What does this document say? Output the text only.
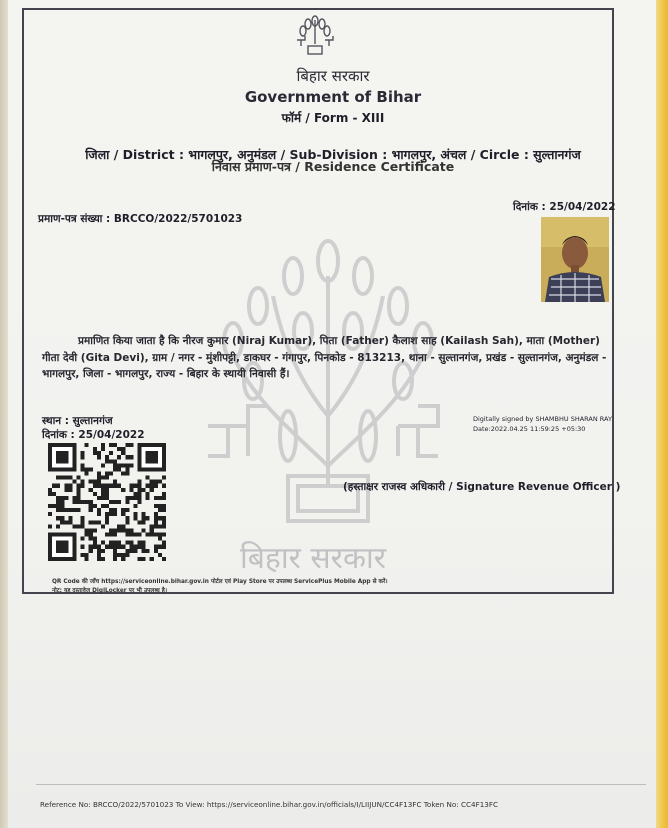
बिहार सरकार
बिहार सरकार
Government of Bihar
फॉर्म / Form - XIII
जिला / District : भागलपुर, अनुमंडल / Sub-Division : भागलपुर, अंचल / Circle : सुल्तानगंज
निवास प्रमाण-पत्र / Residence Certificate
प्रमाण-पत्र संख्या : BRCCO/2022/5701023
दिनांक : 25/04/2022
प्रमाणित किया जाता है कि नीरज कुमार (Niraj Kumar), पिता (Father) कैलाश साह (Kailash Sah), माता (Mother) गीता देवी (Gita Devi), ग्राम / नगर - मुंशीपट्टी, डाकघर - गंगापुर, पिनकोड - 813213, थाना - सुल्तानगंज, प्रखंड - सुल्तानगंज, अनुमंडल - भागलपुर, जिला - भागलपुर, राज्य - बिहार के स्थायी निवासी हैं।
स्थान : सुल्तानगंज
दिनांक : 25/04/2022
Digitally signed by SHAMBHU SHARAN RAY
Date:2022.04.25 11:59:25 +05:30
(हस्ताक्षर राजस्व अधिकारी / Signature Revenue Officer )
QR Code की जाँच https://serviceonline.bihar.gov.in पोर्टल एवं Play Store पर उपलब्ध ServicePlus Mobile App से करें।
नोट: यह दस्तावेज़ DigiLocker पर भी उपलब्ध है।
Reference No: BRCCO/2022/5701023 To View: https://serviceonline.bihar.gov.in/officials/I/LIIJUN/CC4F13FC Token No: CC4F13FC
